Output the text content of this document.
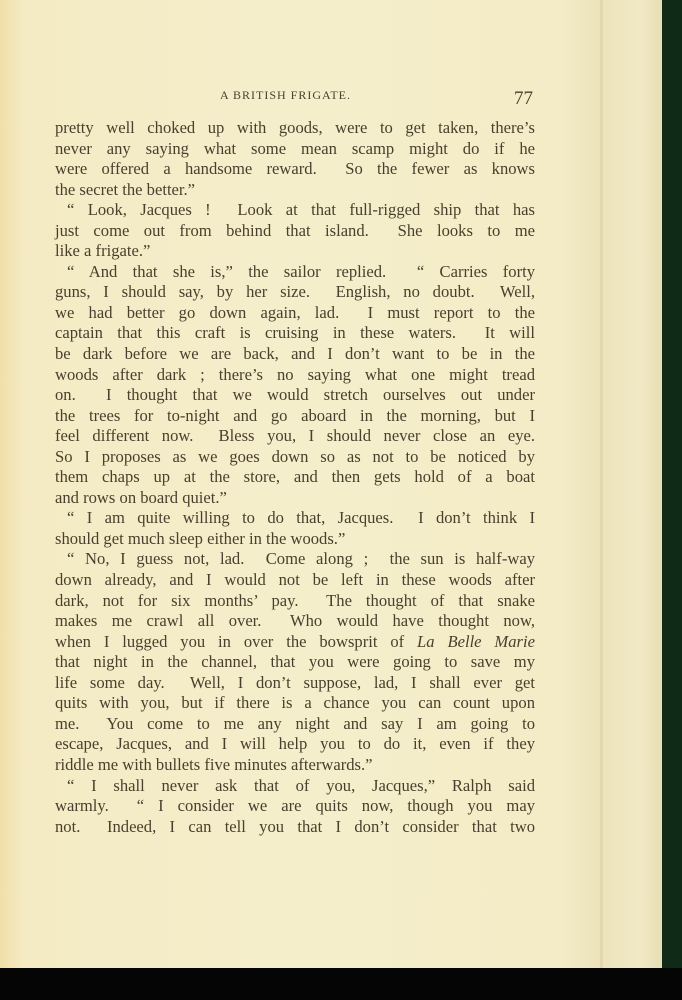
A BRITISH FRIGATE.	77
pretty well choked up with goods, were to get taken, there’s
never any saying what some mean scamp might do if he
were offered a handsome reward.  So the fewer as knows
the secret the better.”
“ Look, Jacques !  Look at that full-rigged ship that has
just come out from behind that island.  She looks to me
like a frigate.”
“ And that she is,” the sailor replied.  “ Carries forty
guns, I should say, by her size.  English, no doubt.  Well,
we had better go down again, lad.  I must report to the
captain that this craft is cruising in these waters.  It will
be dark before we are back, and I don’t want to be in the
woods after dark ; there’s no saying what one might tread
on.  I thought that we would stretch ourselves out under
the trees for to-night and go aboard in the morning, but I
feel different now.  Bless you, I should never close an eye.
So I proposes as we goes down so as not to be noticed by
them chaps up at the store, and then gets hold of a boat
and rows on board quiet.”
“ I am quite willing to do that, Jacques.  I don’t think I
should get much sleep either in the woods.”
“ No, I guess not, lad.  Come along ;  the sun is half-way
down already, and I would not be left in these woods after
dark, not for six months’ pay.  The thought of that snake
makes me crawl all over.  Who would have thought now,
when I lugged you in over the bowsprit of La Belle Marie
that night in the channel, that you were going to save my
life some day.  Well, I don’t suppose, lad, I shall ever get
quits with you, but if there is a chance you can count upon
me.  You come to me any night and say I am going to
escape, Jacques, and I will help you to do it, even if they
riddle me with bullets five minutes afterwards.”
“ I shall never ask that of you, Jacques,” Ralph said
warmly.  “ I consider we are quits now, though you may
not.  Indeed, I can tell you that I don’t consider that two
